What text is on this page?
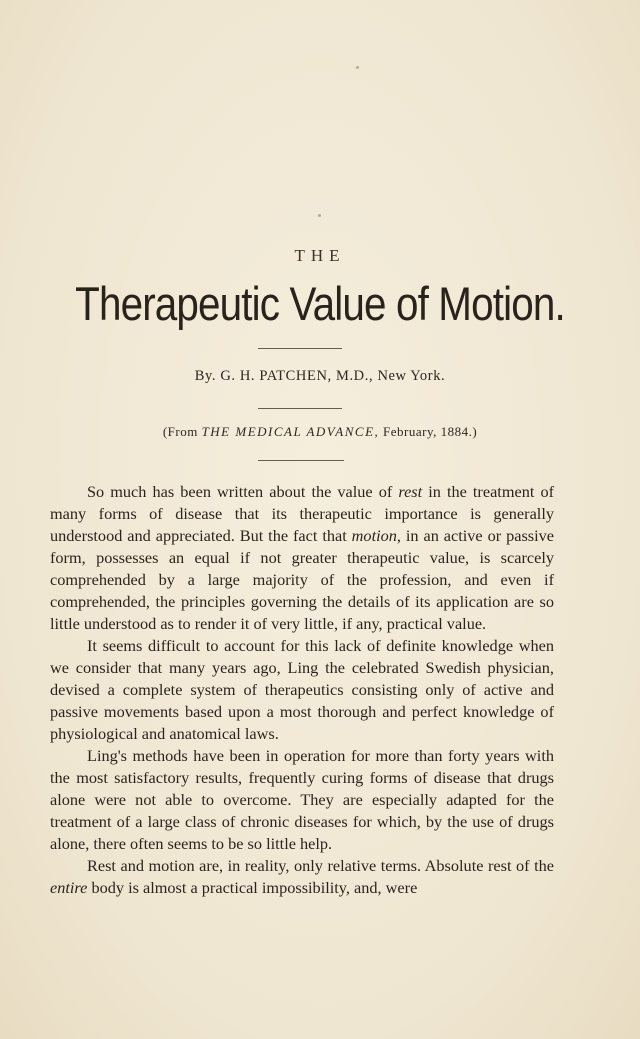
THE
Therapeutic Value of Motion.
By. G. H. PATCHEN, M.D., New York.
(From THE MEDICAL ADVANCE, February, 1884.)

So much has been written about the value of rest in the treatment of many forms of disease that its therapeutic importance is generally understood and appreciated. But the fact that motion, in an active or passive form, possesses an equal if not greater therapeutic value, is scarcely comprehended by a large majority of the profession, and even if comprehended, the principles governing the details of its application are so little understood as to render it of very little, if any, practical value.

It seems difficult to account for this lack of definite knowledge when we consider that many years ago, Ling the celebrated Swedish physician, devised a complete system of therapeutics consisting only of active and passive movements based upon a most thorough and perfect knowledge of physiological and anatomical laws.

Ling's methods have been in operation for more than forty years with the most satisfactory results, frequently curing forms of disease that drugs alone were not able to overcome. They are especially adapted for the treatment of a large class of chronic diseases for which, by the use of drugs alone, there often seems to be so little help.

Rest and motion are, in reality, only relative terms. Absolute rest of the entire body is almost a practical impossibility, and, were
